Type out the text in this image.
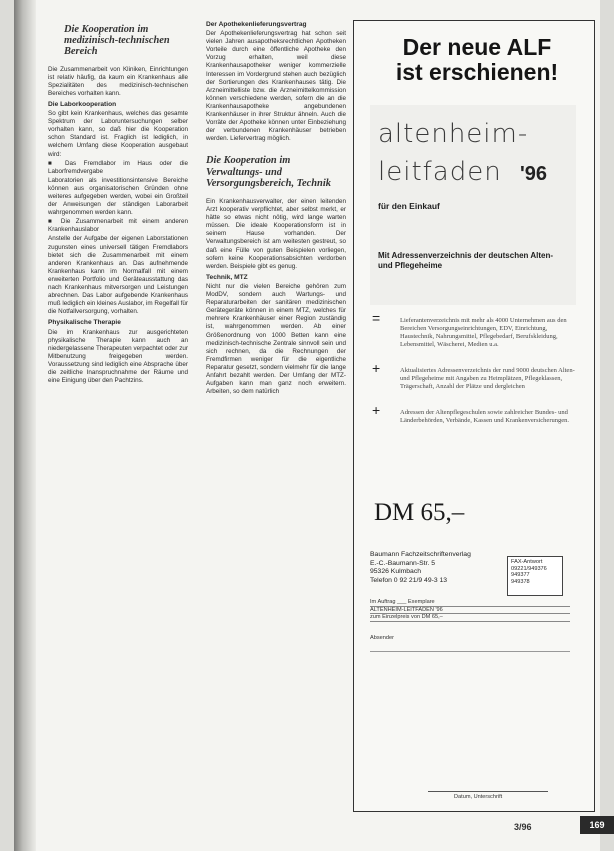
Die Kooperation im medizinisch-technischen Bereich

Die Zusammenarbeit von Kliniken, Einrichtungen ist relativ häufig, da kaum ein Krankenhaus alle Spezialitäten des medizinisch-technischen Bereiches vorhalten kann.

Die Laborkooperation

So gibt kein Krankenhaus, welches das gesamte Spektrum der Laboruntersuchungen selber vorhalten kann, so daß hier die Kooperation schon Standard ist. Fraglich ist lediglich, in welchem Umfang diese Kooperation ausgebaut wird:

■ Das Fremdlabor im Haus oder die Laborfremdvergabe

Laboratorien als investitionsintensive Bereiche können aus organisatorischen Gründen ohne weiteres aufgegeben werden, wobei ein Großteil der Anweisungen der ständigen Laborarbeit wahrgenommen werden kann.

■ Die Zusammenarbeit mit einem anderen Krankenhauslabor

Anstelle der Aufgabe der eigenen Laborstationen zugunsten eines universell tätigen Fremdlabors bietet sich die Zusammenarbeit mit einem anderen Krankenhaus an. Das aufnehmende Krankenhaus kann im Normalfall mit einem erweiterten Portfolio und Geräteausstattung das nach Krankenhaus mitversorgen und Leistungen abrechnen. Das Labor aufgebende Krankenhaus muß lediglich ein kleines Auslabor, im Regelfall für die Notfallversorgung, vorhalten.

Physikalische Therapie

Die im Krankenhaus zur ausgerichteten physikalische Therapie kann auch an niedergelassene Therapeuten verpachtet oder zur Mitbenutzung freigegeben werden. Voraussetzung sind lediglich eine Absprache über die zeitliche Inanspruchnahme der Räume und eine Einigung über den Pachtzins.

Der Apothekenlieferungsvertrag

Der Apothekenlieferungsvertrag hat schon seit vielen Jahren ausapotheksrechtlichen Apotheken Vorteile durch eine öffentliche Apotheke den Vorzug erhalten, weil diese Krankenhausapotheker weniger kommerzielle Interessen im Vordergrund stehen auch bezüglich der Sortierungen des Krankenhauses tätig. Die Arzneimittelliste bzw. die Arzneimittelkommission können verschiedene werden, sofern die an die Krankenhausapotheke angebundenen Krankenhäuser in ihrer Struktur ähneln. Auch die Vorräte der Apotheke können unter Einbeziehung der verbundenen Krankenhäuser betrieben werden. Liefervertrag möglich.

Die Kooperation im Verwaltungs- und Versorgungsbereich, Technik

Ein Krankenhausverwalter, der einen leitenden Arzt kooperativ verpflichtet, aber selbst merkt, er hätte so etwas nicht nötig, wird lange warten müssen. Die ideale Kooperationsform ist in seinem Hause vorhanden. Der Verwaltungsbereich ist am weitesten gestreut, so daß eine Fülle von guten Beispielen vorliegen, sofern keine Kooperationsabsichten verdorben werden. Beispiele gibt es genug.

Technik, MTZ

Nicht nur die vielen Bereiche gehören zum ModDV, sondern auch Wartungs- und Reparaturarbeiten der sanitären medizinischen Gerätegeräte können in einem MTZ, welches für mehrere Krankenhäuser einer Region zuständig ist, wahrgenommen werden. Ab einer Größenordnung von 1000 Betten kann eine medizinisch-technische Zentrale sinnvoll sein und sich rechnen, da die Rechnungen der Fremdfirmen weniger für die eigentliche Reparatur gesetzt, sondern vielmehr für die lange Anfahrt bezahlt werden. Der Umfang der MTZ-Aufgaben kann man ganz noch erweitern. Arbeiten, so dem natürlich

Der neue ALF
ist erschienen!
altenheim-
leitfaden '96
für den Einkauf
Mit Adressenverzeichnis der deutschen Alten- und Pflegeheime
=	Lieferantenverzeichnis mit mehr als 4000 Unternehmen aus den Bereichen Versorgungseinrichtungen, EDV, Einrichtung, Haustechnik, Nahrungsmittel, Pflegebedarf, Berufskleidung, Lebensmittel, Wäscherei, Medien u.a.
+	Aktualisiertes Adressenverzeichnis der rund 9000 deutschen Alten- und Pflegeheime mit Angaben zu Heimplätzen, Pflegeklassen, Trägerschaft, Anzahl der Plätze und dergleichen
+	Adressen der Altenpflegeschulen sowie zahlreicher Bundes- und Länderbehörden, Verbände, Kassen und Krankenversicherungen.
DM 65,–
Baumann Fachzeitschriftenverlag
E.-C.-Baumann-Str. 5
95326 Kulmbach
Telefon 0 92 21/9 49-3 13
FAX-Antwort
09221/949376
949377
949378
Im Auftrag ___ Exemplare
ALTENHEIM-LEITFADEN '96
zum Einzelpreis von DM 65,–
Absender
Datum, Unterschrift
3/96	169
